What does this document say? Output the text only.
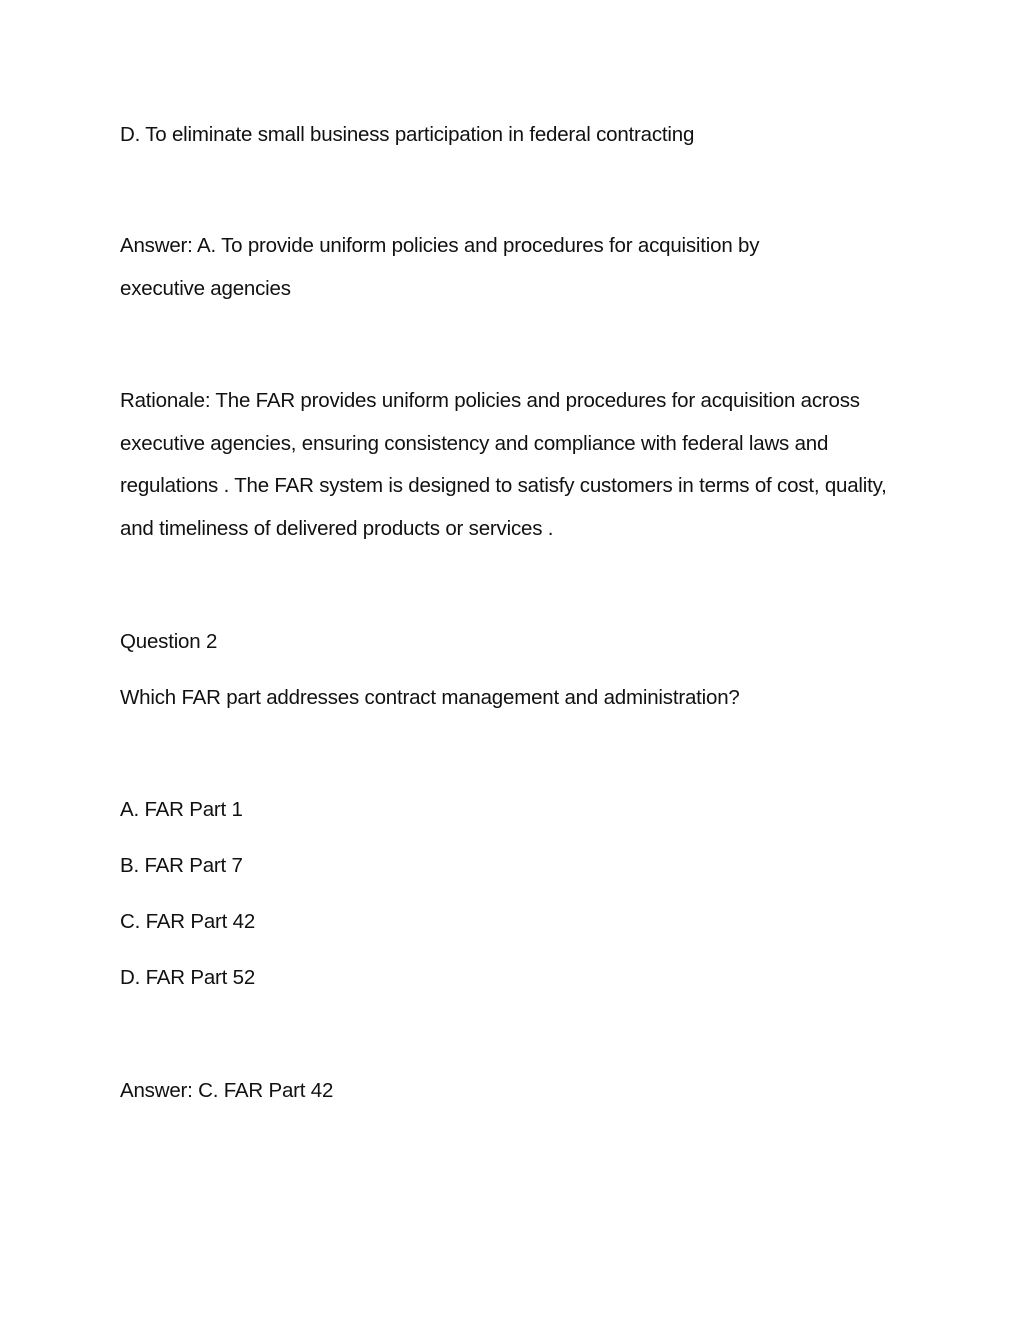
D. To eliminate small business participation in federal contracting
Answer: A. To provide uniform policies and procedures for acquisition by executive agencies
Rationale: The FAR provides uniform policies and procedures for acquisition across executive agencies, ensuring consistency and compliance with federal laws and regulations . The FAR system is designed to satisfy customers in terms of cost, quality, and timeliness of delivered products or services .
Question 2
Which FAR part addresses contract management and administration?
A. FAR Part 1
B. FAR Part 7
C. FAR Part 42
D. FAR Part 52
Answer: C. FAR Part 42
